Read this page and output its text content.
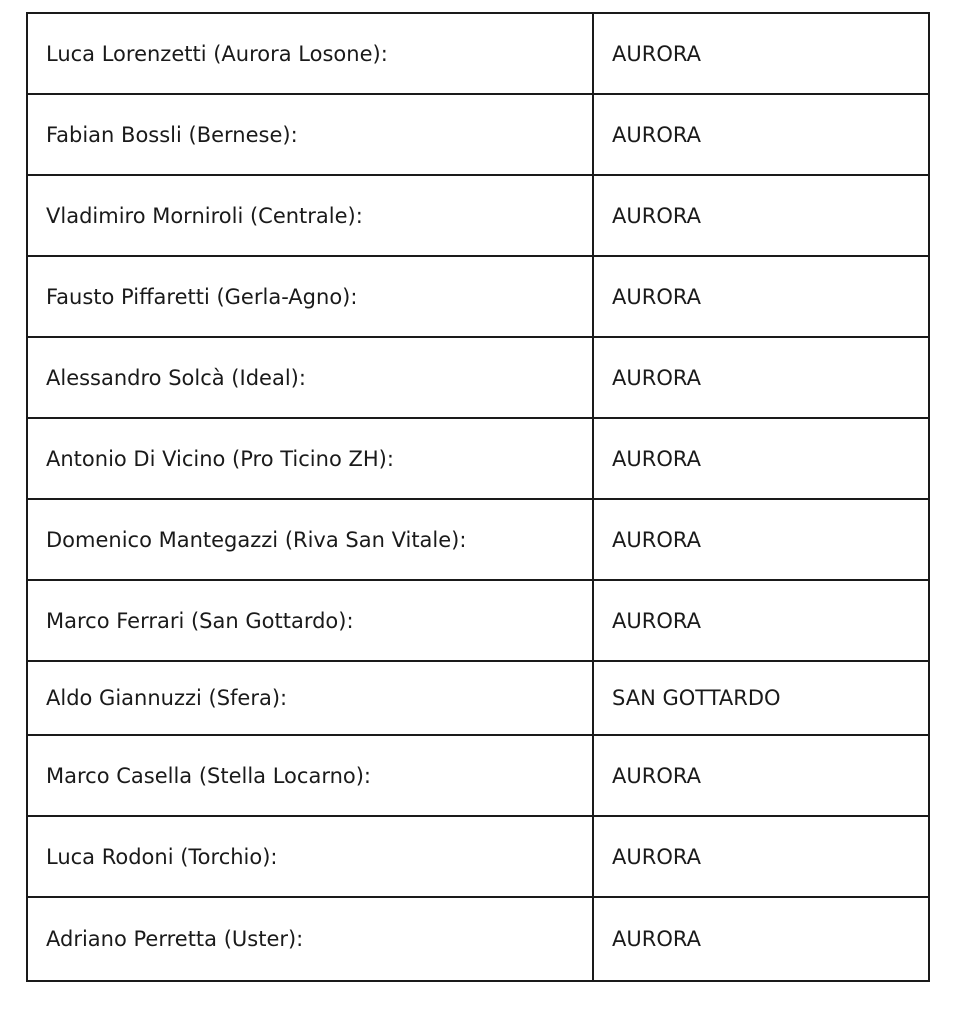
Luca Lorenzetti (Aurora Losone):	AURORA
Fabian Bossli (Bernese):	AURORA
Vladimiro Morniroli (Centrale):	AURORA
Fausto Piffaretti (Gerla-Agno):	AURORA
Alessandro Solcà (Ideal):	AURORA
Antonio Di Vicino (Pro Ticino ZH):	AURORA
Domenico Mantegazzi (Riva San Vitale):	AURORA
Marco Ferrari (San Gottardo):	AURORA
Aldo Giannuzzi (Sfera):	SAN GOTTARDO
Marco Casella (Stella Locarno):	AURORA
Luca Rodoni (Torchio):	AURORA
Adriano Perretta (Uster):	AURORA
